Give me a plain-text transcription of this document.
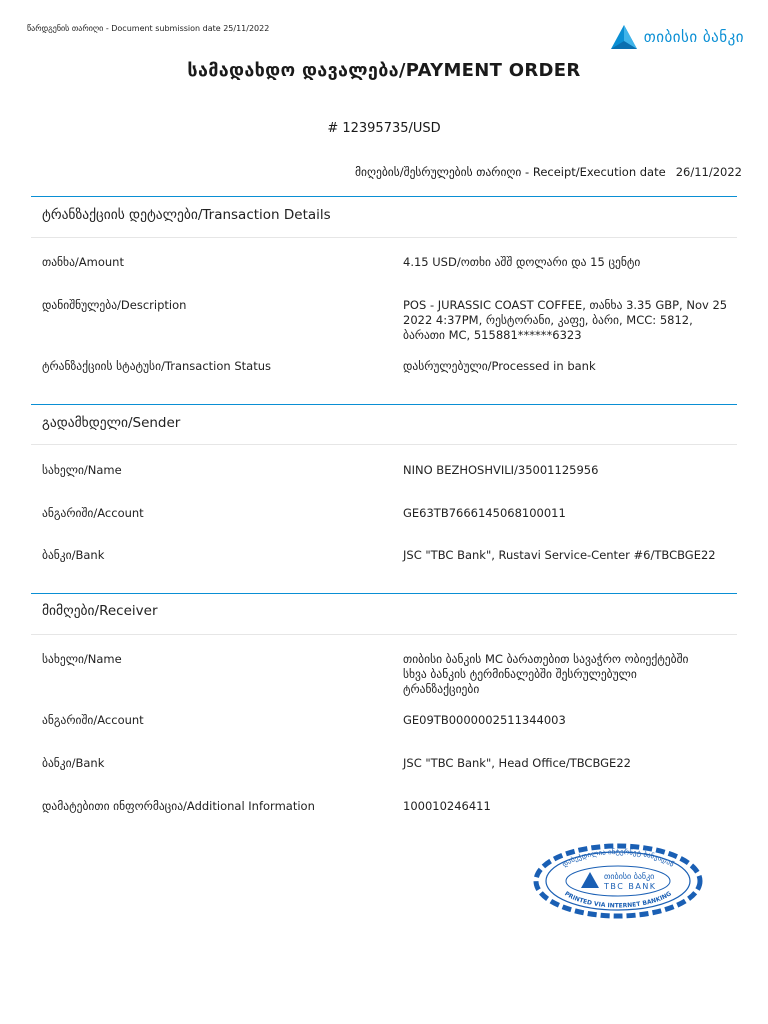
წარდგენის თარიღი - Document submission date 25/11/2022	თიბისი ბანკი
სამადახდო დავალება/PAYMENT ORDER
# 12395735/USD
მიღების/შესრულების თარიღი - Receipt/Execution date 26/11/2022
ტრანზაქციის დეტალები/Transaction Details
თანხა/Amount	4.15 USD/ოთხი აშშ დოლარი და 15 ცენტი
დანიშნულება/Description	POS - JURASSIC COAST COFFEE, თანხა 3.35 GBP, Nov 25
2022 4:37PM, რესტორანი, კაფე, ბარი, MCC: 5812,
ბარათი MC, 515881******6323
ტრანზაქციის სტატუსი/Transaction Status	დასრულებული/Processed in bank
გადამხდელი/Sender
სახელი/Name	NINO BEZHOSHVILI/35001125956
ანგარიში/Account	GE63TB7666145068100011
ბანკი/Bank	JSC "TBC Bank", Rustavi Service-Center #6/TBCBGE22
მიმღები/Receiver
სახელი/Name	თიბისი ბანკის MC ბარათებით სავაჭრო ობიექტებში
სხვა ბანკის ტერმინალებში შესრულებული
ტრანზაქციები
ანგარიში/Account	GE09TB0000002511344003
ბანკი/Bank	JSC "TBC Bank", Head Office/TBCBGE22
დამატებითი ინფორმაცია/Additional Information	100010246411
დაბეჭდილია ინტერნეტ ბანკიდან
PRINTED VIA INTERNET BANKING
თიბისი ბანკი
TBC BANK
